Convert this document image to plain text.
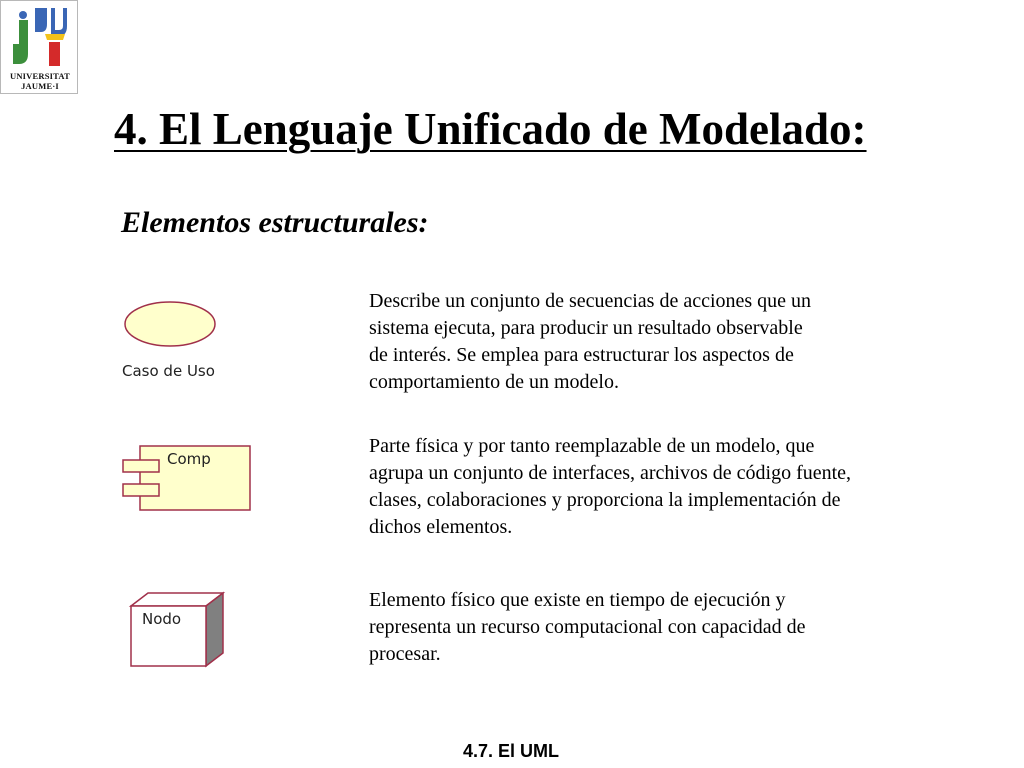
UNIVERSITAT
JAUME·I
4. El Lenguaje Unificado de Modelado:
Elementos estructurales:
Caso de Uso

Describe un conjunto de secuencias de acciones que un
sistema ejecuta, para producir un resultado observable
de interés. Se emplea para estructurar los aspectos de
comportamiento de un modelo.

Comp

Parte física y por tanto reemplazable de un modelo, que
agrupa un conjunto de interfaces, archivos de código fuente,
clases, colaboraciones y proporciona la implementación de
dichos elementos.

Nodo

Elemento físico que existe en tiempo de ejecución y
representa un recurso computacional con capacidad de
procesar.

4.7. El UML
